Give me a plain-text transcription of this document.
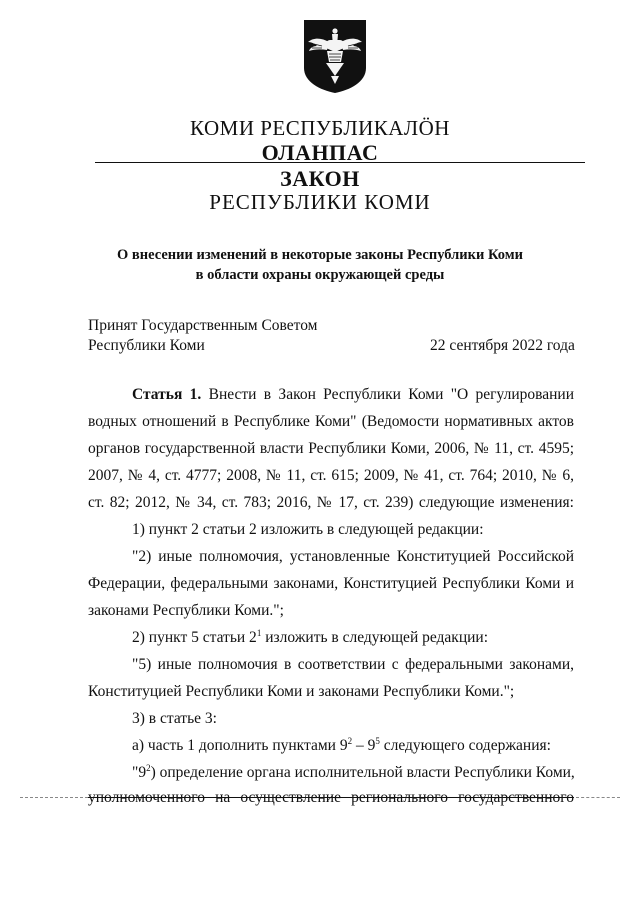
КОМИ РЕСПУБЛИКАЛÖН
ОЛАНПАС
ЗАКОН
РЕСПУБЛИКИ КОМИ
О внесении изменений в некоторые законы Республики Коми
в области охраны окружающей среды
Принят Государственным Советом
Республики Коми	22 сентября 2022 года
Статья 1. Внести в Закон Республики Коми "О регулировании
водных отношений в Республике Коми" (Ведомости нормативных актов
органов государственной власти Республики Коми, 2006, № 11, ст. 4595;
2007, № 4, ст. 4777; 2008, № 11, ст. 615; 2009, № 41, ст. 764; 2010, № 6,
ст. 82; 2012, № 34, ст. 783; 2016, № 17, ст. 239) следующие изменения:
1) пункт 2 статьи 2 изложить в следующей редакции:
"2) иные полномочия, установленные Конституцией Российской
Федерации, федеральными законами, Конституцией Республики Коми и
законами Республики Коми.";
2) пункт 5 статьи $2^1$ изложить в следующей редакции:
"5) иные полномочия в соответствии с федеральными законами,
Конституцией Республики Коми и законами Республики Коми.";
3) в статье 3:
а) часть 1 дополнить пунктами $9^2 - 9^5$ следующего содержания:
"$9^2$) определение органа исполнительной власти Республики Коми,
уполномоченного на осуществление регионального государственного
